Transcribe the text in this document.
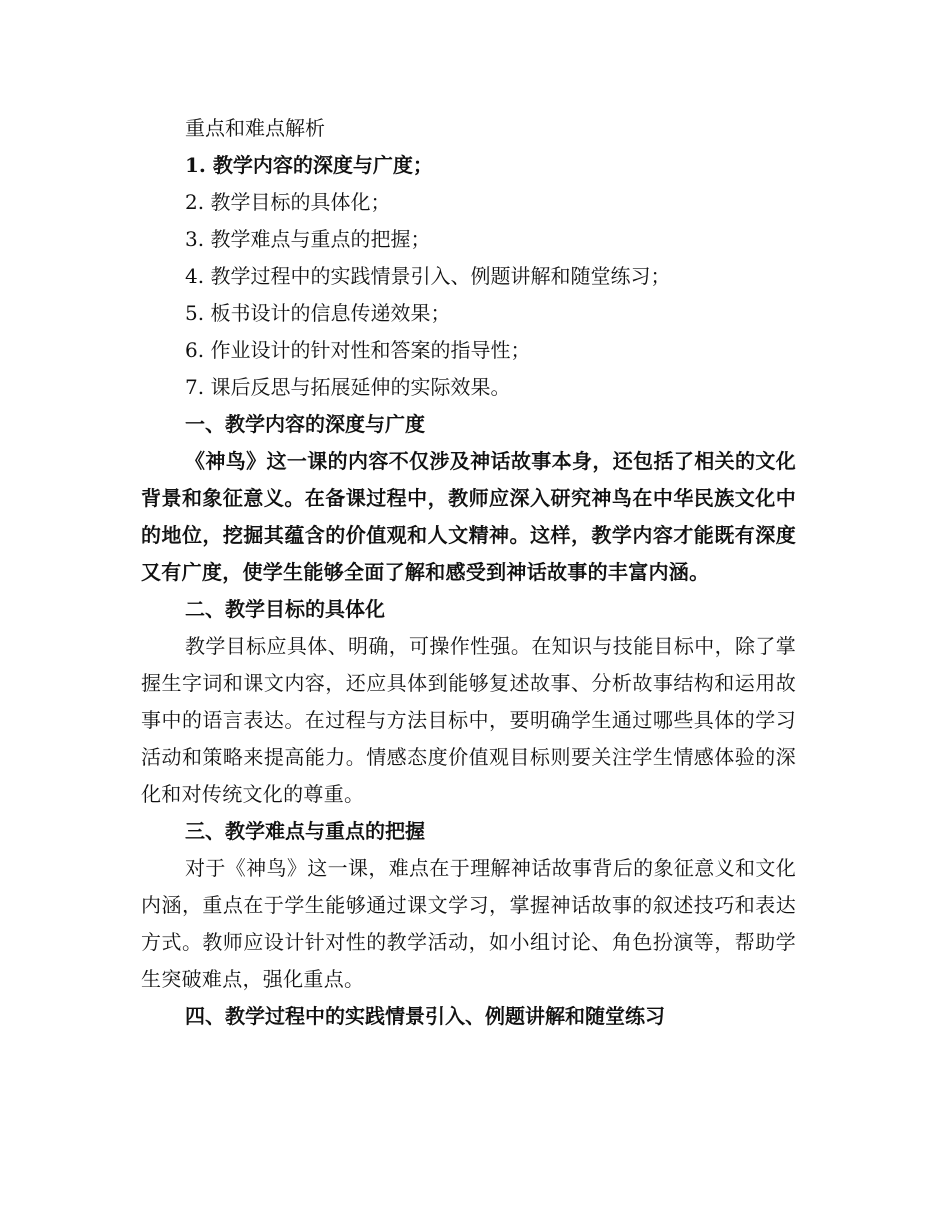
重点和难点解析

1. 教学内容的深度与广度；

2. 教学目标的具体化；

3. 教学难点与重点的把握；

4. 教学过程中的实践情景引入、例题讲解和随堂练习；

5. 板书设计的信息传递效果；

6. 作业设计的针对性和答案的指导性；

7. 课后反思与拓展延伸的实际效果。

一、教学内容的深度与广度

《神鸟》这一课的内容不仅涉及神话故事本身，还包括了相关的文化背景和象征意义。在备课过程中，教师应深入研究神鸟在中华民族文化中的地位，挖掘其蕴含的价值观和人文精神。这样，教学内容才能既有深度又有广度，使学生能够全面了解和感受到神话故事的丰富内涵。

二、教学目标的具体化

教学目标应具体、明确，可操作性强。在知识与技能目标中，除了掌握生字词和课文内容，还应具体到能够复述故事、分析故事结构和运用故事中的语言表达。在过程与方法目标中，要明确学生通过哪些具体的学习活动和策略来提高能力。情感态度价值观目标则要关注学生情感体验的深化和对传统文化的尊重。

三、教学难点与重点的把握

对于《神鸟》这一课，难点在于理解神话故事背后的象征意义和文化内涵，重点在于学生能够通过课文学习，掌握神话故事的叙述技巧和表达方式。教师应设计针对性的教学活动，如小组讨论、角色扮演等，帮助学生突破难点，强化重点。

四、教学过程中的实践情景引入、例题讲解和随堂练习
